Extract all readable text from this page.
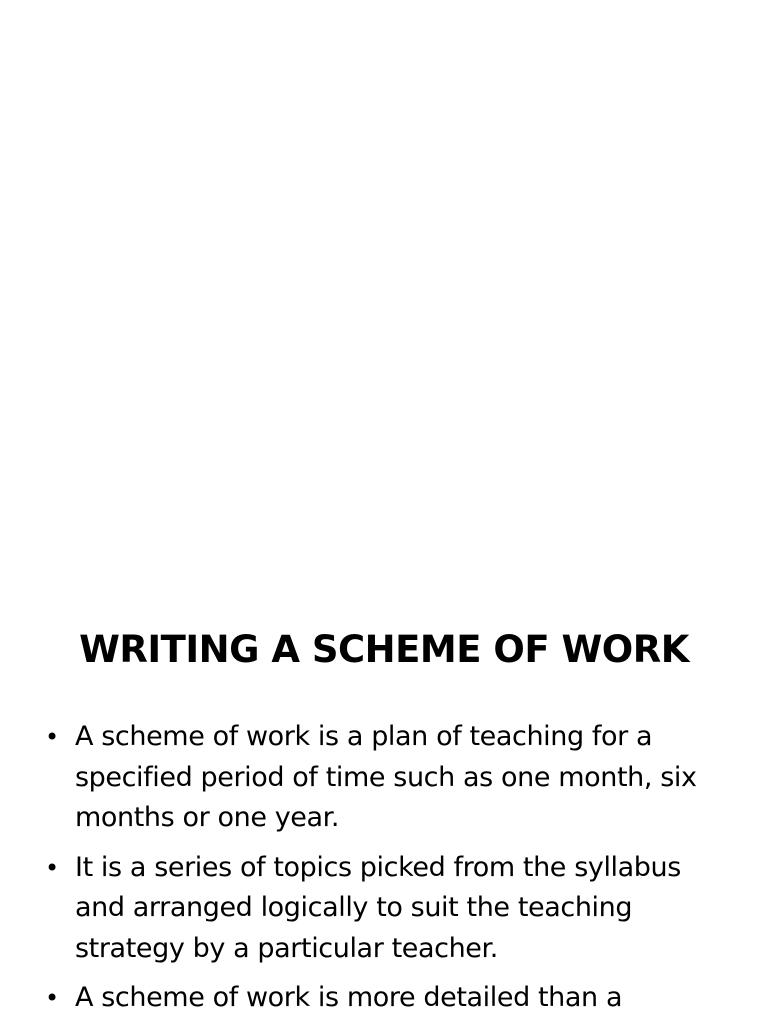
WRITING A SCHEME OF WORK
• A scheme of work is a plan of teaching for a specified period of time such as one month, six months or one year.
• It is a series of topics picked from the syllabus and arranged logically to suit the teaching strategy by a particular teacher.
• A scheme of work is more detailed than a
